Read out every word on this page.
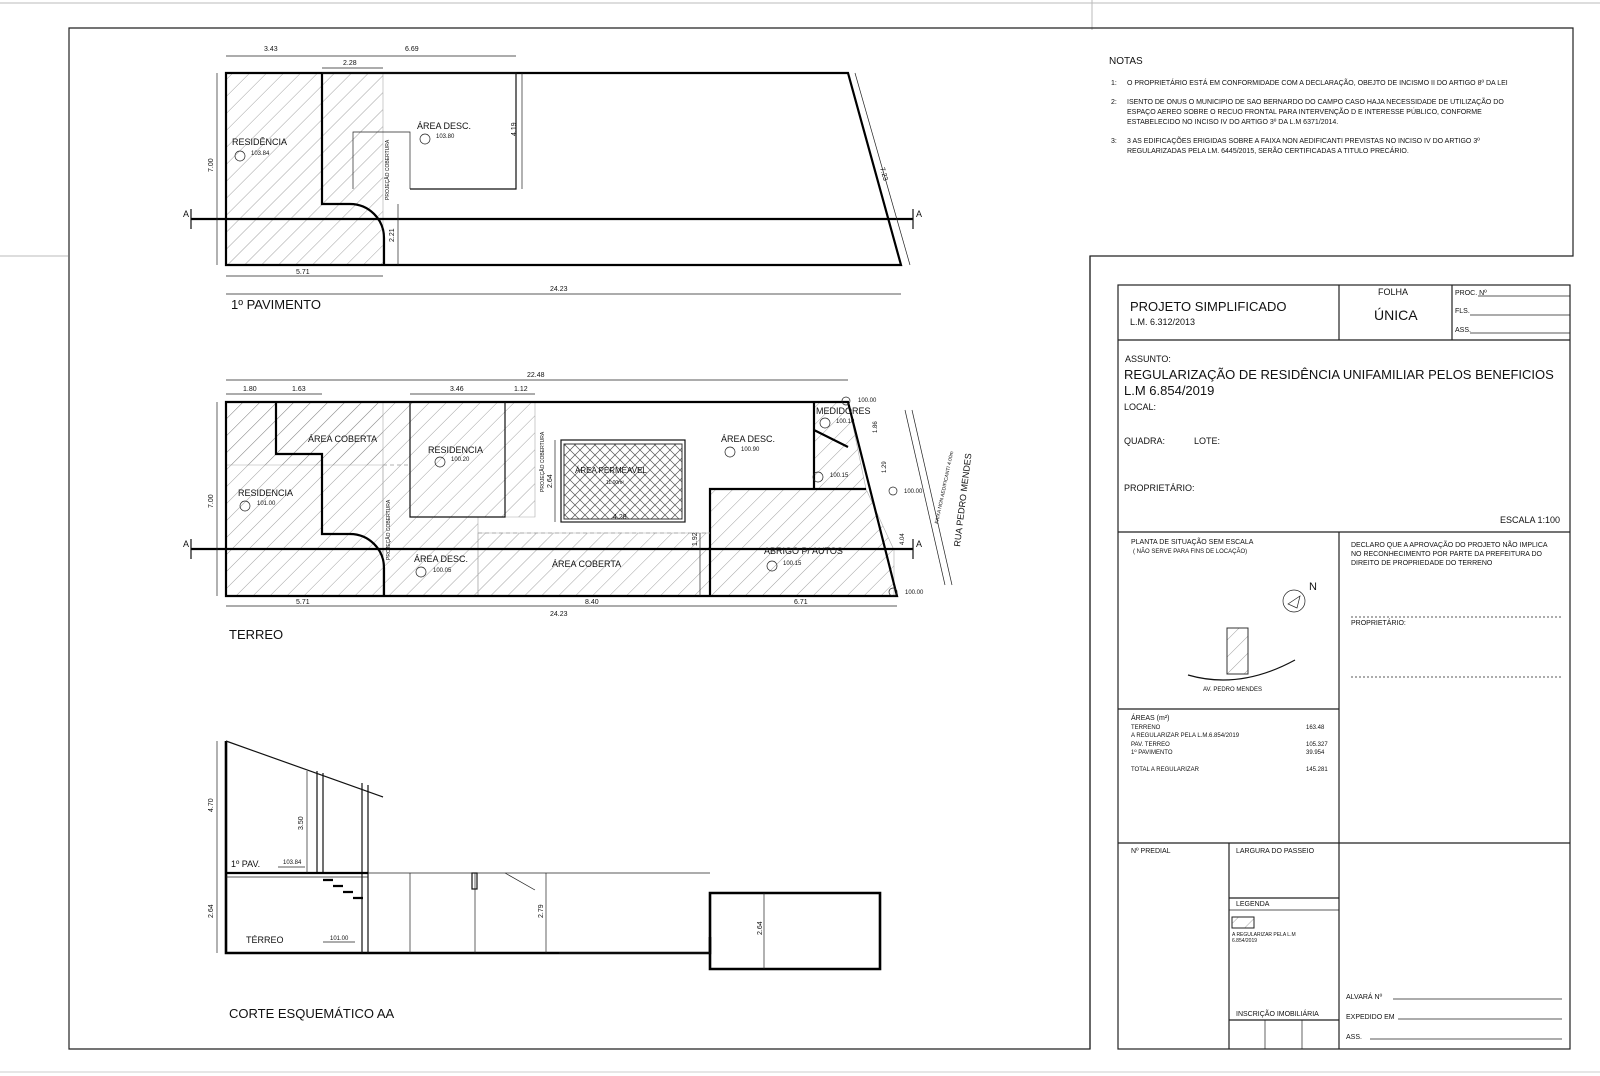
NOTAS
1: O PROPRIETÁRIO ESTÁ EM CONFORMIDADE COM A DECLARAÇÃO, OBEJTO DE INCISMO II DO ARTIGO 8º DA LEI
2: ISENTO DE ONUS O MUNICIPIO DE SAO BERNARDO DO CAMPO CASO HAJA NECESSIDADE DE UTILIZAÇÃO DO
ESPAÇO AEREO SOBRE O RECUO FRONTAL PARA INTERVENÇÃO D E INTERESSE PÚBLICO, CONFORME
ESTABELECIDO NO INCISO IV DO ARTIGO 3º DA L.M 6371/2014.
3: 3 AS EDIFICAÇÕES ERIGIDAS SOBRE A FAIXA NON AEDIFICANTI PREVISTAS NO INCISO IV DO ARTIGO 3º
REGULARIZADAS PELA LM. 6445/2015, SERÃO CERTIFICADAS A TITULO PRECÁRIO.
A	A
RESIDÊNCIA
103.84
ÁREA DESC.
103.80
PROJEÇÃO COBERTURA
3.43	6.69
2.28
7.00
4.19
2.21
7.23
5.71
24.23
1º PAVIMENTO
A	A	RUA PEDRO MENDES
FAIXA NON AEDIFICANTI 4.00m
RESIDENCIA
101.00
ÁREA COBERTA
RESIDENCIA
100.20
ÁREA PERMEAVEL
11.00m²
ÁREA DESC.
100.90
MEDIDORES
100.10
ÁREA DESC.
100.05
ÁREA COBERTA
ABRIGO P/ AUTOS
100.15
100.00
100.15
100.00
100.00
PROJEÇÃO COBERTURA
PROJEÇÃO COBERTURA
22.48
1.80	1.63	3.46	1.12
7.00
2.64
4.28
1.92
1.86
1.29
4.04
5.71	8.40	6.71
24.23
TERREO
4.70
3.50
2.64	2.79
2.64
1º PAV.	103.84
TÉRREO	101.00
CORTE ESQUEMÁTICO AA
PROJETO SIMPLIFICADO
L.M. 6.312/2013
FOLHA
ÚNICA
PROC. Nº
FLS.
ASS.
ASSUNTO:
REGULARIZAÇÃO DE RESIDÊNCIA UNIFAMILIAR PELOS BENEFICIOS
L.M 6.854/2019
LOCAL:
QUADRA:	LOTE:
PROPRIETÁRIO:
ESCALA 1:100
PLANTA DE SITUAÇÃO SEM ESCALA
( NÃO SERVE PARA FINS DE LOCAÇÃO)
N
AV. PEDRO MENDES
DECLARO QUE A APROVAÇÃO DO PROJETO NÃO IMPLICA
NO RECONHECIMENTO POR PARTE DA PREFEITURA DO
DIREITO DE PROPRIEDADE DO TERRENO
PROPRIETÁRIO:
ÁREAS (m²)
TERRENO	163.48
A REGULARIZAR PELA L.M.6.854/2019
PAV. TERREO	105.327
1º PAVIMENTO	39.954
TOTAL A REGULARIZAR	145.281
Nº PREDIAL	LARGURA DO PASSEIO
LEGENDA
A REGULARIZAR PELA L.M
6.854/2019
INSCRIÇÃO IMOBILIÁRIA
ALVARÁ Nº
EXPEDIDO EM
ASS.
